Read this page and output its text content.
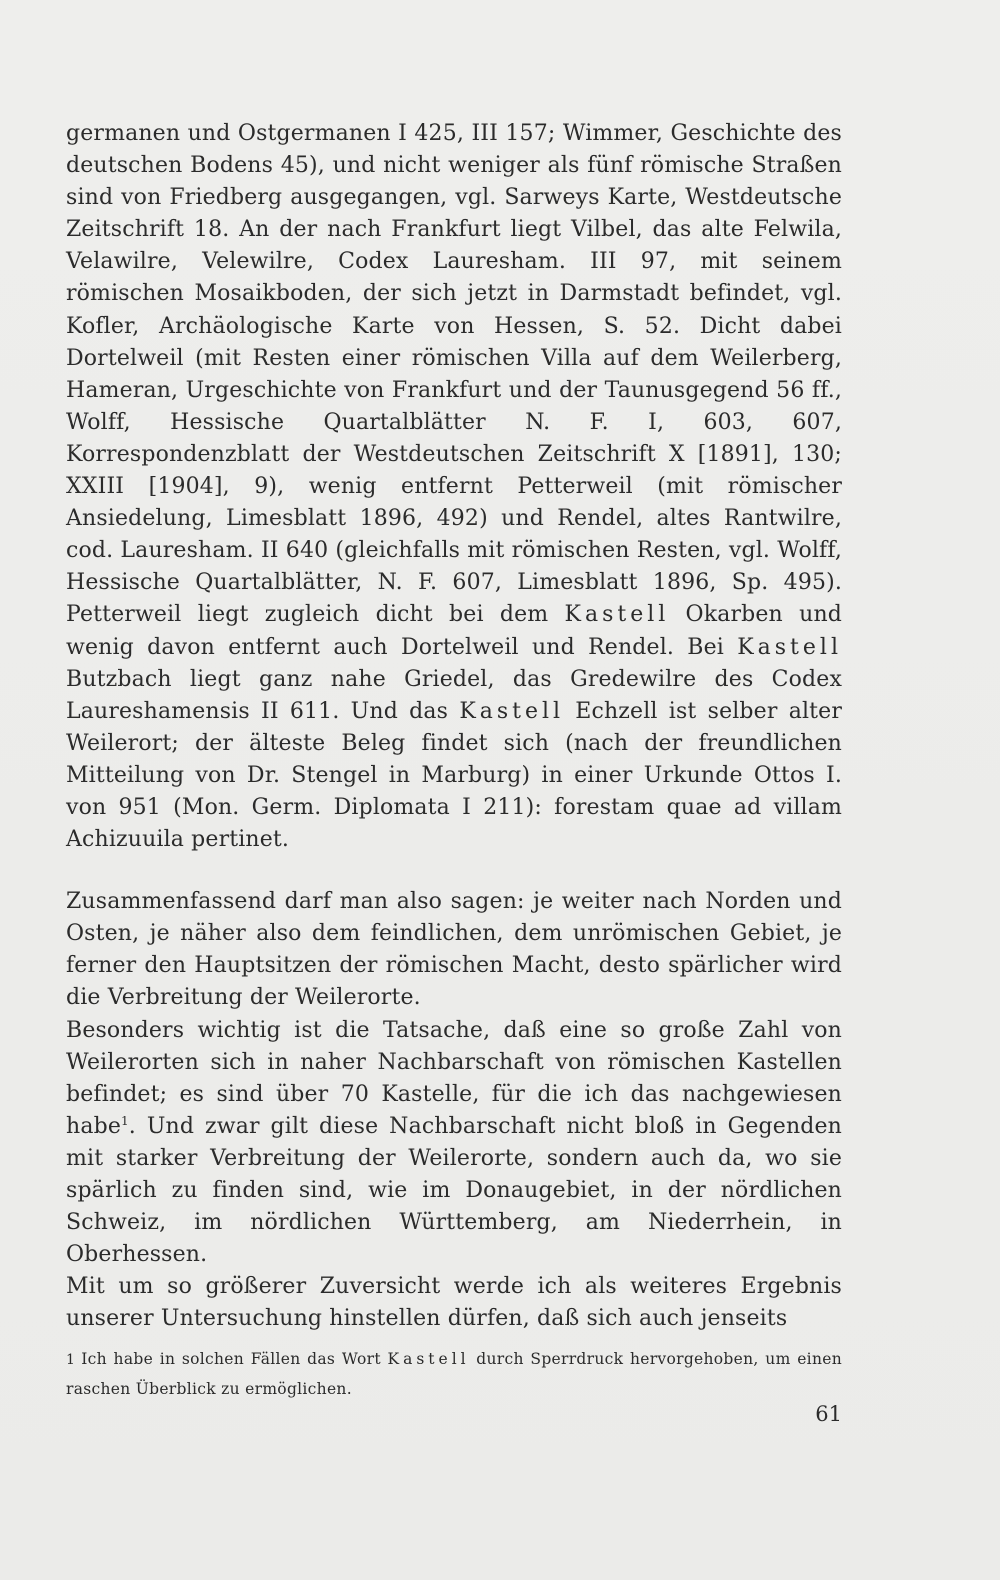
germanen und Ostgermanen I 425, III 157; Wimmer, Geschichte des deutschen Bodens 45), und nicht weniger als fünf römische Straßen sind von Friedberg ausgegangen, vgl. Sarweys Karte, Westdeutsche Zeitschrift 18. An der nach Frankfurt liegt Vilbel, das alte Felwila, Velawilre, Velewilre, Codex Lauresham. III 97, mit seinem römischen Mosaikboden, der sich jetzt in Darmstadt befindet, vgl. Kofler, Archäologische Karte von Hessen, S. 52. Dicht dabei Dortelweil (mit Resten einer römischen Villa auf dem Weilerberg, Hameran, Urgeschichte von Frankfurt und der Taunusgegend 56 ff., Wolff, Hessische Quartalblätter N. F. I, 603, 607, Korrespondenzblatt der Westdeutschen Zeitschrift X [1891], 130; XXIII [1904], 9), wenig entfernt Petterweil (mit römischer Ansiedelung, Limesblatt 1896, 492) und Rendel, altes Rantwilre, cod. Lauresham. II 640 (gleichfalls mit römischen Resten, vgl. Wolff, Hessische Quartalblätter, N. F. 607, Limesblatt 1896, Sp. 495). Petterweil liegt zugleich dicht bei dem Kastell Okarben und wenig davon entfernt auch Dortelweil und Rendel. Bei Kastell Butzbach liegt ganz nahe Griedel, das Gredewilre des Codex Laureshamensis II 611. Und das Kastell Echzell ist selber alter Weilerort; der älteste Beleg findet sich (nach der freundlichen Mitteilung von Dr. Stengel in Marburg) in einer Urkunde Ottos I. von 951 (Mon. Germ. Diplomata I 211): forestam quae ad villam Achizuuila pertinet.

Zusammenfassend darf man also sagen: je weiter nach Norden und Osten, je näher also dem feindlichen, dem unrömischen Gebiet, je ferner den Hauptsitzen der römischen Macht, desto spärlicher wird die Verbreitung der Weilerorte.

Besonders wichtig ist die Tatsache, daß eine so große Zahl von Weilerorten sich in naher Nachbarschaft von römischen Kastellen befindet; es sind über 70 Kastelle, für die ich das nachgewiesen habe$^1$. Und zwar gilt diese Nachbarschaft nicht bloß in Gegenden mit starker Verbreitung der Weilerorte, sondern auch da, wo sie spärlich zu finden sind, wie im Donaugebiet, in der nördlichen Schweiz, im nördlichen Württemberg, am Niederrhein, in Oberhessen.

Mit um so größerer Zuversicht werde ich als weiteres Ergebnis unserer Untersuchung hinstellen dürfen, daß sich auch jenseits

1 Ich habe in solchen Fällen das Wort Kastell durch Sperrdruck hervorgehoben, um einen raschen Überblick zu ermöglichen.
61
